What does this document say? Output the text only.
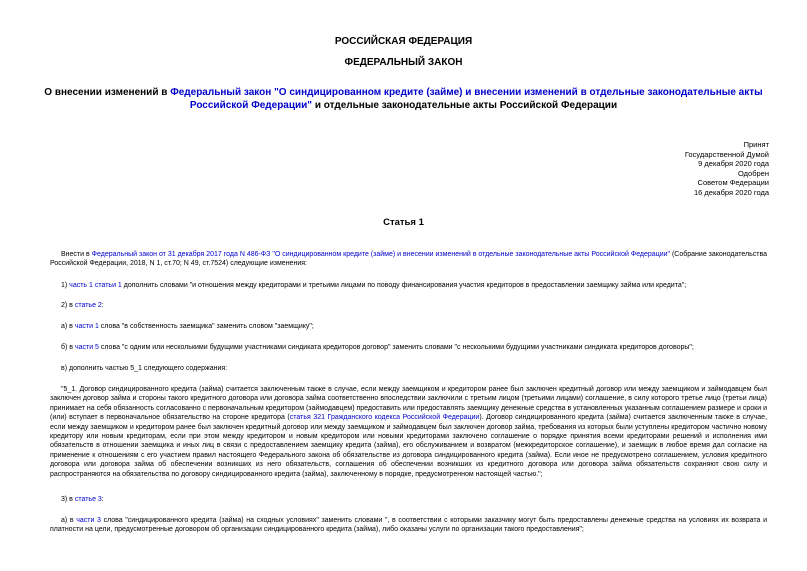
РОССИЙСКАЯ ФЕДЕРАЦИЯ
ФЕДЕРАЛЬНЫЙ ЗАКОН
О внесении изменений в Федеральный закон "О синдицированном кредите (займе) и внесении изменений в отдельные законодательные акты Российской Федерации" и отдельные законодательные акты Российской Федерации
Принят
Государственной Думой
9 декабря 2020 года
Одобрен
Советом Федерации
16 декабря 2020 года
Статья 1
Внести в Федеральный закон от 31 декабря 2017 года N 486-ФЗ "О синдицированном кредите (займе) и внесении изменений в отдельные законодательные акты Российской Федерации" (Собрание законодательства Российской Федерации, 2018, N 1, ст.70; N 49, ст.7524) следующие изменения:
1) часть 1 статьи 1 дополнить словами "и отношения между кредиторами и третьими лицами по поводу финансирования участия кредиторов в предоставлении заемщику займа или кредита";
2) в статье 2:
а) в части 1 слова "в собственность заемщика" заменить словом "заемщику";
б) в части 5 слова "с одним или несколькими будущими участниками синдиката кредиторов договор" заменить словами "с несколькими будущими участниками синдиката кредиторов договоры";
в) дополнить частью 5_1 следующего содержания:
"5_1. Договор синдицированного кредита (займа) считается заключенным также в случае, если между заемщиком и кредитором ранее был заключен кредитный договор или между заемщиком и займодавцем был заключен договор займа и стороны такого кредитного договора или договора займа соответственно впоследствии заключили с третьим лицом (третьими лицами) соглашение, в силу которого третье лицо (третьи лица) принимает на себя обязанность согласованно с первоначальным кредитором (займодавцем) предоставить или предоставлять заемщику денежные средства в установленных указанным соглашением размере и сроки и (или) вступает в первоначальное обязательство на стороне кредитора (статья 321 Гражданского кодекса Российской Федерации). Договор синдицированного кредита (займа) считается заключенным также в случае, если между заемщиком и кредитором ранее был заключен кредитный договор или между заемщиком и займодавцем был заключен договор займа, требования из которых были уступлены кредитором частично новому кредитору или новым кредиторам, если при этом между кредитором и новым кредитором или новыми кредиторами заключено соглашение о порядке принятия всеми кредиторами решений и исполнения ими обязательств в отношении заемщика и иных лиц в связи с предоставлением заемщику кредита (займа), его обслуживанием и возвратом (межкредиторское соглашение), и заемщик в любое время дал согласие на применение к отношениям с его участием правил настоящего Федерального закона об обязательстве из договора синдицированного кредита (займа). Если иное не предусмотрено соглашением, условия кредитного договора или договора займа об обеспечении возникших из него обязательств, соглашения об обеспечении возникших из кредитного договора или договора займа обязательств сохраняют свою силу и распространяются на обязательства по договору синдицированного кредита (займа), заключенному в порядке, предусмотренном настоящей частью.";
3) в статье 3:
а) в части 3 слова "синдицированного кредита (займа) на сходных условиях" заменить словами ", в соответствии с которыми заказчику могут быть предоставлены денежные средства на условиях их возврата и платности на цели, предусмотренные договором об организации синдицированного кредита (займа), либо оказаны услуги по организации такого предоставления";
